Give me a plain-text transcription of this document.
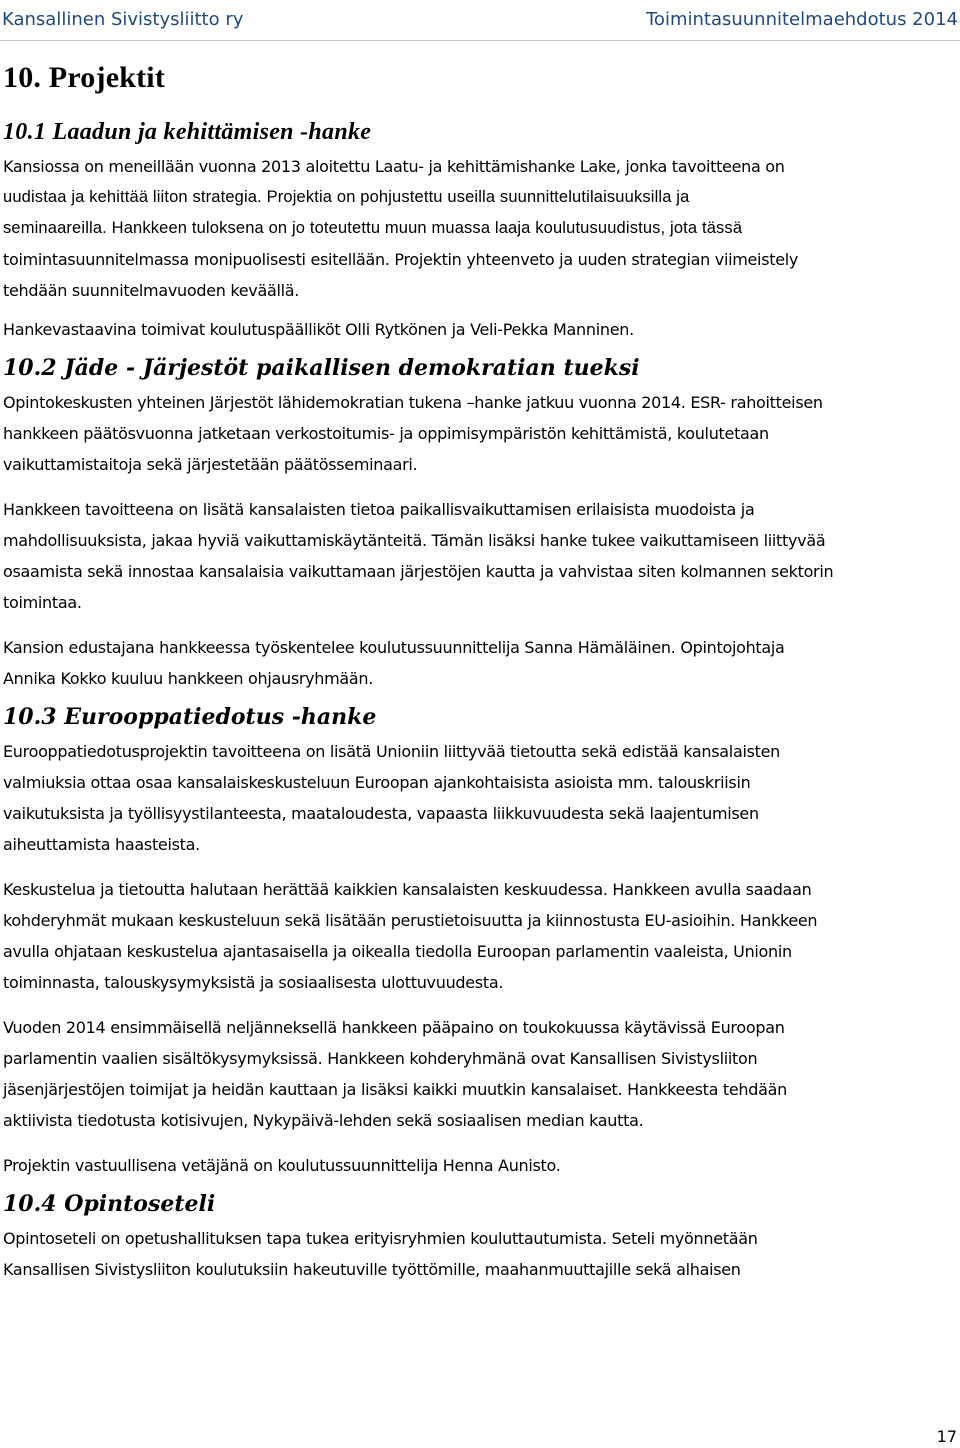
Kansallinen Sivistysliitto ry	Toimintasuunnitelmaehdotus 2014
10. Projektit
10.1 Laadun ja kehittämisen -hanke

Kansiossa on meneillään vuonna 2013 aloitettu Laatu- ja kehittämishanke Lake, jonka tavoitteena on
uudistaa ja kehittää liiton strategia. Projektia on pohjustettu useilla suunnittelutilaisuuksilla ja
seminaareilla. Hankkeen tuloksena on jo toteutettu muun muassa laaja koulutusuudistus, jota tässä
toimintasuunnitelmassa monipuolisesti esitellään. Projektin yhteenveto ja uuden strategian viimeistely
tehdään suunnitelmavuoden keväällä.

Hankevastaavina toimivat koulutuspäälliköt Olli Rytkönen ja Veli-Pekka Manninen.

10.2 Jäde - Järjestöt paikallisen demokratian tueksi

Opintokeskusten yhteinen Järjestöt lähidemokratian tukena –hanke jatkuu vuonna 2014. ESR- rahoitteisen
hankkeen päätösvuonna jatketaan verkostoitumis- ja oppimisympäristön kehittämistä, koulutetaan
vaikuttamistaitoja sekä järjestetään päätösseminaari.

Hankkeen tavoitteena on lisätä kansalaisten tietoa paikallisvaikuttamisen erilaisista muodoista ja
mahdollisuuksista, jakaa hyviä vaikuttamiskäytänteitä. Tämän lisäksi hanke tukee vaikuttamiseen liittyvää
osaamista sekä innostaa kansalaisia vaikuttamaan järjestöjen kautta ja vahvistaa siten kolmannen sektorin
toimintaa.

Kansion edustajana hankkeessa työskentelee koulutussuunnittelija Sanna Hämäläinen. Opintojohtaja
Annika Kokko kuuluu hankkeen ohjausryhmään.

10.3 Eurooppatiedotus -hanke

Eurooppatiedotusprojektin tavoitteena on lisätä Unioniin liittyvää tietoutta sekä edistää kansalaisten
valmiuksia ottaa osaa kansalaiskeskusteluun Euroopan ajankohtaisista asioista mm. talouskriisin
vaikutuksista ja työllisyystilanteesta, maataloudesta, vapaasta liikkuvuudesta sekä laajentumisen
aiheuttamista haasteista.

Keskustelua ja tietoutta halutaan herättää kaikkien kansalaisten keskuudessa. Hankkeen avulla saadaan
kohderyhmät mukaan keskusteluun sekä lisätään perustietoisuutta ja kiinnostusta EU-asioihin. Hankkeen
avulla ohjataan keskustelua ajantasaisella ja oikealla tiedolla Euroopan parlamentin vaaleista, Unionin
toiminnasta, talouskysymyksistä ja sosiaalisesta ulottuvuudesta.

Vuoden 2014 ensimmäisellä neljänneksellä hankkeen pääpaino on toukokuussa käytävissä Euroopan
parlamentin vaalien sisältökysymyksissä. Hankkeen kohderyhmänä ovat Kansallisen Sivistysliiton
jäsenjärjestöjen toimijat ja heidän kauttaan ja lisäksi kaikki muutkin kansalaiset. Hankkeesta tehdään
aktiivista tiedotusta kotisivujen, Nykypäivä-lehden sekä sosiaalisen median kautta.

Projektin vastuullisena vetäjänä on koulutussuunnittelija Henna Aunisto.

10.4 Opintoseteli

Opintoseteli on opetushallituksen tapa tukea erityisryhmien kouluttautumista. Seteli myönnetään
Kansallisen Sivistysliiton koulutuksiin hakeutuville työttömille, maahanmuuttajille sekä alhaisen

17
